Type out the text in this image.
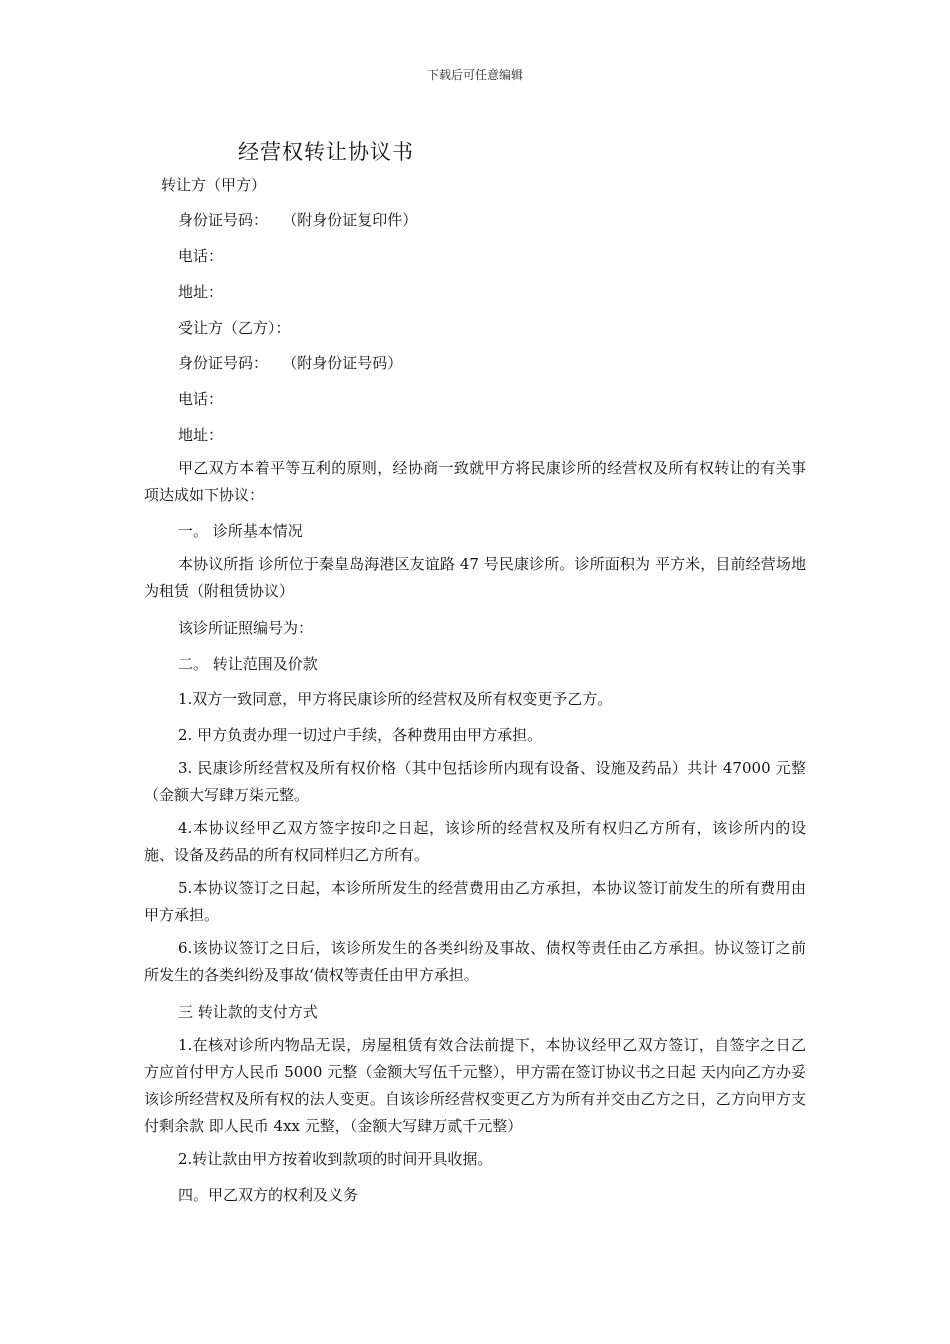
下载后可任意编辑
经营权转让协议书
转让方（甲方）
身份证号码：   （附身份证复印件）
电话：
地址：
受让方（乙方）：
身份证号码：   （附身份证号码）
电话：
地址：
甲乙双方本着平等互利的原则，经协商一致就甲方将民康诊所的经营权及所有权转让的有关事项达成如下协议：
一。 诊所基本情况
本协议所指 诊所位于秦皇岛海港区友谊路 47 号民康诊所。诊所面积为 平方米，目前经营场地为租赁（附租赁协议）
该诊所证照编号为：
二。 转让范围及价款
1.双方一致同意，甲方将民康诊所的经营权及所有权变更予乙方。
2. 甲方负责办理一切过户手续，各种费用由甲方承担。
3. 民康诊所经营权及所有权价格（其中包括诊所内现有设备、设施及药品）共计 47000 元整（金额大写肆万柒元整。
4.本协议经甲乙双方签字按印之日起，该诊所的经营权及所有权归乙方所有，该诊所内的设施、设备及药品的所有权同样归乙方所有。
5.本协议签订之日起，本诊所所发生的经营费用由乙方承担，本协议签订前发生的所有费用由甲方承担。
6.该协议签订之日后，该诊所发生的各类纠纷及事故、债权等责任由乙方承担。协议签订之前所发生的各类纠纷及事故‘债权等责任由甲方承担。
三 转让款的支付方式
1.在核对诊所内物品无误，房屋租赁有效合法前提下，本协议经甲乙双方签订，自签字之日乙方应首付甲方人民币 5000 元整（金额大写伍千元整），甲方需在签订协议书之日起 天内向乙方办妥该诊所经营权及所有权的法人变更。自该诊所经营权变更乙方为所有并交由乙方之日，乙方向甲方支付剩余款 即人民币 4xx 元整，（金额大写肆万贰千元整）
2.转让款由甲方按着收到款项的时间开具收据。
四。甲乙双方的权利及义务
